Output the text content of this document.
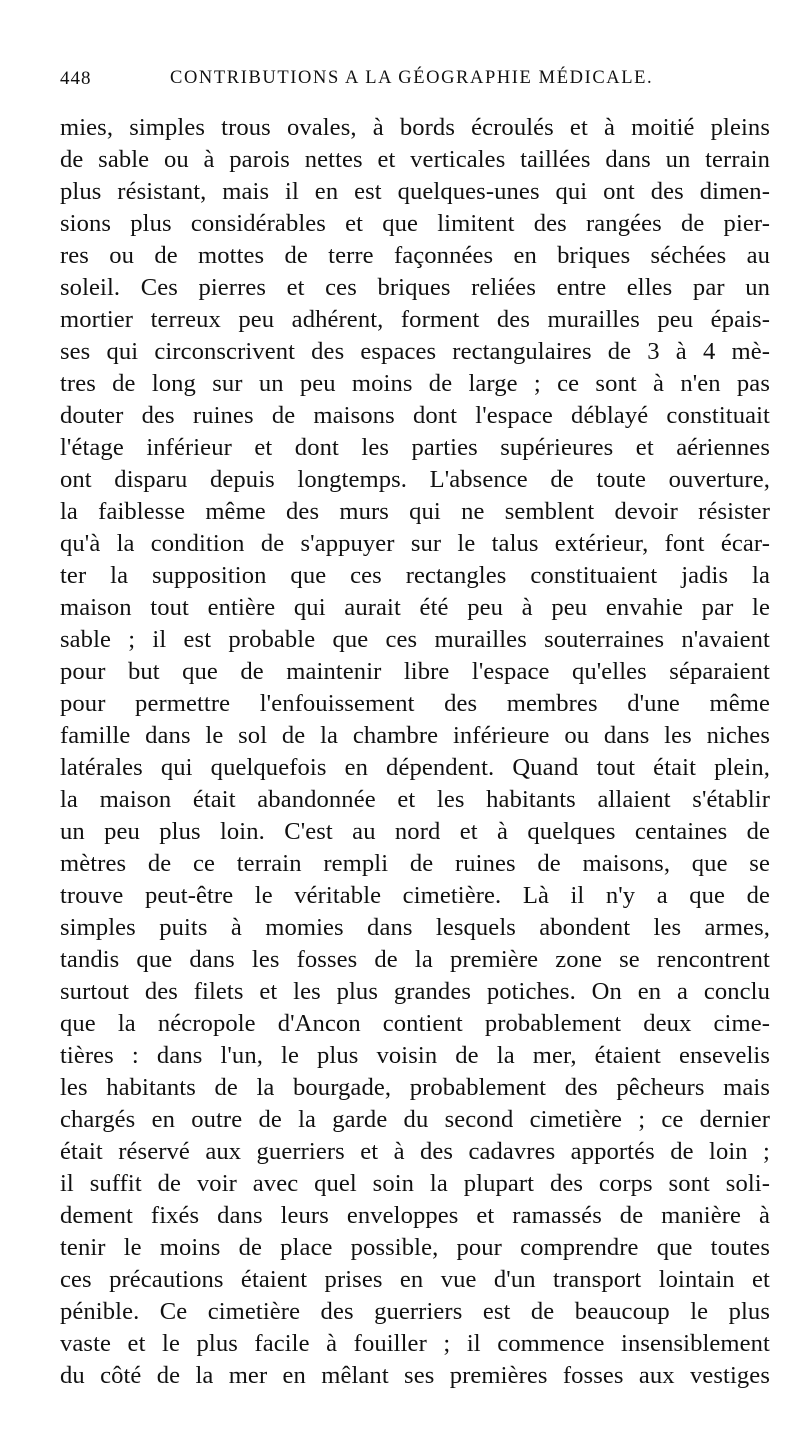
448	CONTRIBUTIONS A LA GÉOGRAPHIE MÉDICALE.
mies, simples trous ovales, à bords écroulés et à moitié pleins
de sable ou à parois nettes et verticales taillées dans un terrain
plus résistant, mais il en est quelques-unes qui ont des dimen-
sions plus considérables et que limitent des rangées de pier-
res ou de mottes de terre façonnées en briques séchées au
soleil. Ces pierres et ces briques reliées entre elles par un
mortier terreux peu adhérent, forment des murailles peu épais-
ses qui circonscrivent des espaces rectangulaires de 3 à 4 mè-
tres de long sur un peu moins de large ; ce sont à n'en pas
douter des ruines de maisons dont l'espace déblayé constituait
l'étage inférieur et dont les parties supérieures et aériennes
ont disparu depuis longtemps. L'absence de toute ouverture,
la faiblesse même des murs qui ne semblent devoir résister
qu'à la condition de s'appuyer sur le talus extérieur, font écar-
ter la supposition que ces rectangles constituaient jadis la
maison tout entière qui aurait été peu à peu envahie par le
sable ; il est probable que ces murailles souterraines n'avaient
pour but que de maintenir libre l'espace qu'elles séparaient
pour permettre l'enfouissement des membres d'une même
famille dans le sol de la chambre inférieure ou dans les niches
latérales qui quelquefois en dépendent. Quand tout était plein,
la maison était abandonnée et les habitants allaient s'établir
un peu plus loin. C'est au nord et à quelques centaines de
mètres de ce terrain rempli de ruines de maisons, que se
trouve peut-être le véritable cimetière. Là il n'y a que de
simples puits à momies dans lesquels abondent les armes,
tandis que dans les fosses de la première zone se rencontrent
surtout des filets et les plus grandes potiches. On en a conclu
que la nécropole d'Ancon contient probablement deux cime-
tières : dans l'un, le plus voisin de la mer, étaient ensevelis
les habitants de la bourgade, probablement des pêcheurs mais
chargés en outre de la garde du second cimetière ; ce dernier
était réservé aux guerriers et à des cadavres apportés de loin ;
il suffit de voir avec quel soin la plupart des corps sont soli-
dement fixés dans leurs enveloppes et ramassés de manière à
tenir le moins de place possible, pour comprendre que toutes
ces précautions étaient prises en vue d'un transport lointain et
pénible. Ce cimetière des guerriers est de beaucoup le plus
vaste et le plus facile à fouiller ; il commence insensiblement
du côté de la mer en mêlant ses premières fosses aux vestiges
